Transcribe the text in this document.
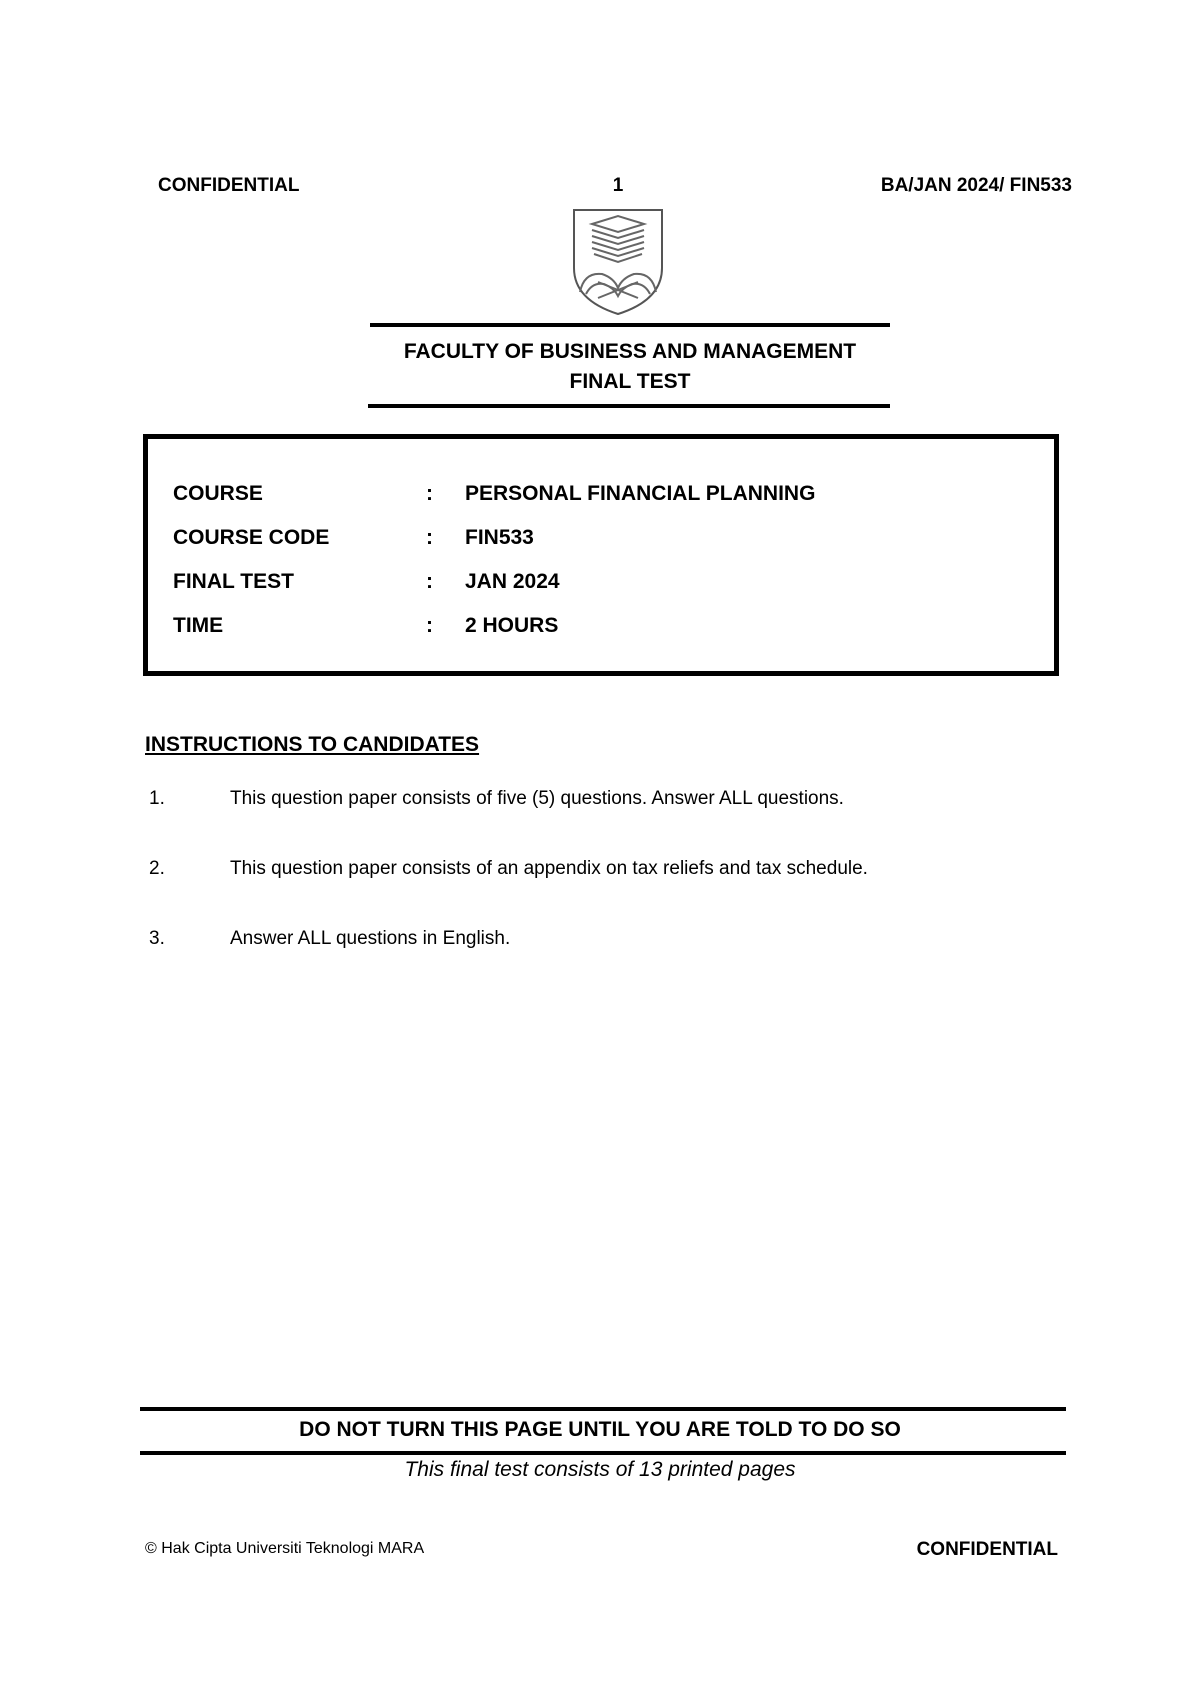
CONFIDENTIAL	1	BA/JAN 2024/ FIN533
FACULTY OF BUSINESS AND MANAGEMENT
FINAL TEST
COURSE	: PERSONAL FINANCIAL PLANNING
COURSE CODE	: FIN533
FINAL TEST	: JAN 2024
TIME	: 2 HOURS
INSTRUCTIONS TO CANDIDATES
1.	This question paper consists of five (5) questions. Answer ALL questions.
2.	This question paper consists of an appendix on tax reliefs and tax schedule.
3.	Answer ALL questions in English.
DO NOT TURN THIS PAGE UNTIL YOU ARE TOLD TO DO SO
This final test consists of 13 printed pages
© Hak Cipta Universiti Teknologi MARA	CONFIDENTIAL
